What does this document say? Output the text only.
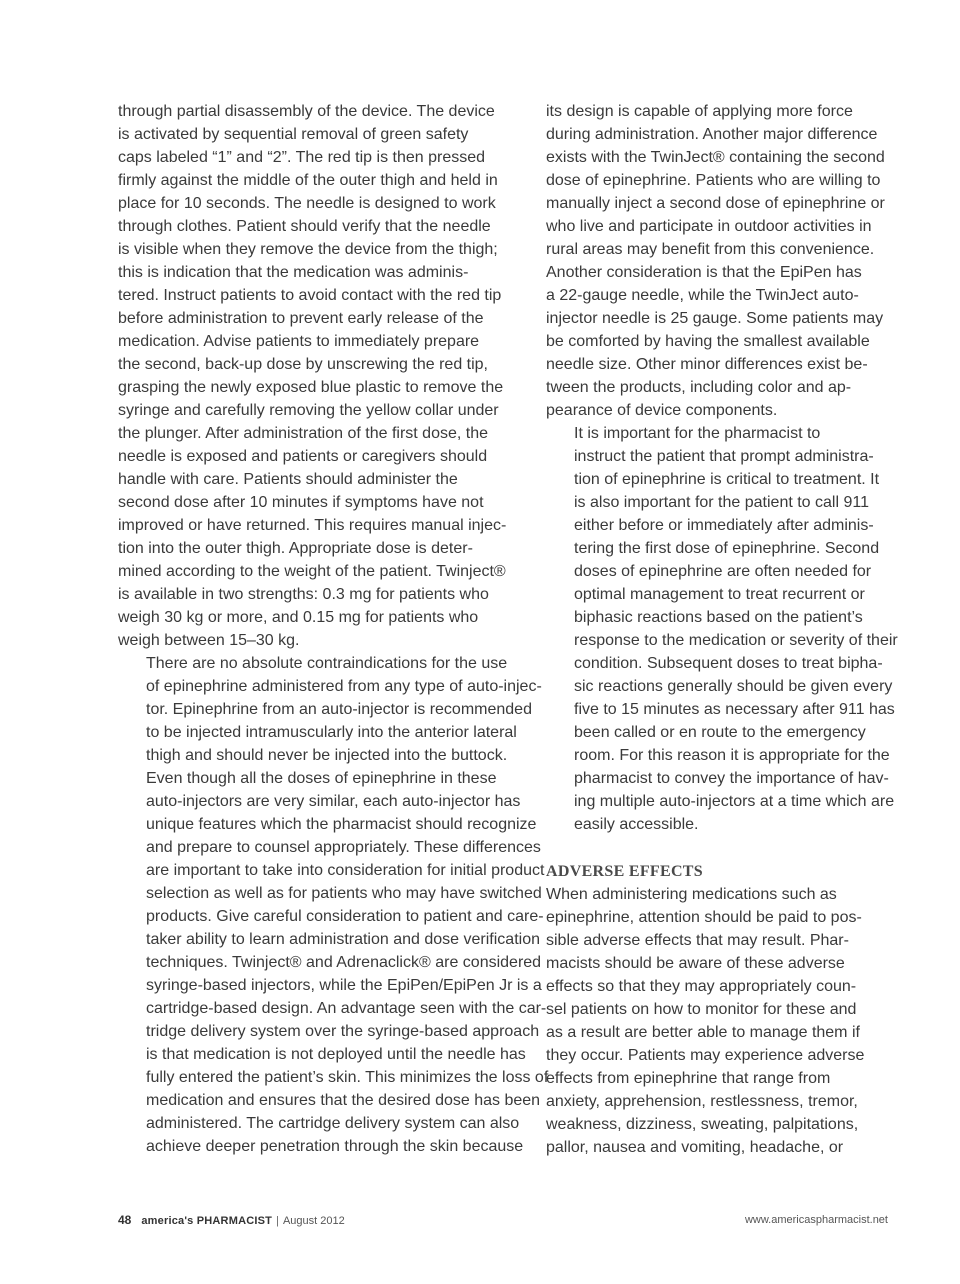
through partial disassembly of the device. The device
is activated by sequential removal of green safety
caps labeled “1” and “2”. The red tip is then pressed
firmly against the middle of the outer thigh and held in
place for 10 seconds. The needle is designed to work
through clothes. Patient should verify that the needle
is visible when they remove the device from the thigh;
this is indication that the medication was adminis-
tered. Instruct patients to avoid contact with the red tip
before administration to prevent early release of the
medication. Advise patients to immediately prepare
the second, back-up dose by unscrewing the red tip,
grasping the newly exposed blue plastic to remove the
syringe and carefully removing the yellow collar under
the plunger. After administration of the first dose, the
needle is exposed and patients or caregivers should
handle with care. Patients should administer the
second dose after 10 minutes if symptoms have not
improved or have returned. This requires manual injec-
tion into the outer thigh. Appropriate dose is deter-
mined according to the weight of the patient. Twinject®
is available in two strengths: 0.3 mg for patients who
weigh 30 kg or more, and 0.15 mg for patients who
weigh between 15–30 kg.

There are no absolute contraindications for the use
of epinephrine administered from any type of auto-injec-
tor. Epinephrine from an auto-injector is recommended
to be injected intramuscularly into the anterior lateral
thigh and should never be injected into the buttock.

Even though all the doses of epinephrine in these
auto-injectors are very similar, each auto-injector has
unique features which the pharmacist should recognize
and prepare to counsel appropriately. These differences
are important to take into consideration for initial product
selection as well as for patients who may have switched
products. Give careful consideration to patient and care-
taker ability to learn administration and dose verification
techniques. Twinject® and Adrenaclick® are considered
syringe-based injectors, while the EpiPen/EpiPen Jr is a
cartridge-based design. An advantage seen with the car-
tridge delivery system over the syringe-based approach
is that medication is not deployed until the needle has
fully entered the patient’s skin. This minimizes the loss of
medication and ensures that the desired dose has been
administered. The cartridge delivery system can also
achieve deeper penetration through the skin because

its design is capable of applying more force
during administration. Another major difference
exists with the TwinJect® containing the second
dose of epinephrine. Patients who are willing to
manually inject a second dose of epinephrine or
who live and participate in outdoor activities in
rural areas may benefit from this convenience.
Another consideration is that the EpiPen has
a 22-gauge needle, while the TwinJect auto-
injector needle is 25 gauge. Some patients may
be comforted by having the smallest available
needle size. Other minor differences exist be-
tween the products, including color and ap-
pearance of device components.

It is important for the pharmacist to
instruct the patient that prompt administra-
tion of epinephrine is critical to treatment. It
is also important for the patient to call 911
either before or immediately after adminis-
tering the first dose of epinephrine. Second
doses of epinephrine are often needed for
optimal management to treat recurrent or
biphasic reactions based on the patient’s
response to the medication or severity of their
condition. Subsequent doses to treat bipha-
sic reactions generally should be given every
five to 15 minutes as necessary after 911 has
been called or en route to the emergency
room. For this reason it is appropriate for the
pharmacist to convey the importance of hav-
ing multiple auto-injectors at a time which are
easily accessible.

ADVERSE EFFECTS

When administering medications such as
epinephrine, attention should be paid to pos-
sible adverse effects that may result. Phar-
macists should be aware of these adverse
effects so that they may appropriately coun-
sel patients on how to monitor for these and
as a result are better able to manage them if
they occur. Patients may experience adverse
effects from epinephrine that range from
anxiety, apprehension, restlessness, tremor,
weakness, dizziness, sweating, palpitations,
pallor, nausea and vomiting, headache, or

48 america's PHARMACIST | August 2012	www.americaspharmacist.net
